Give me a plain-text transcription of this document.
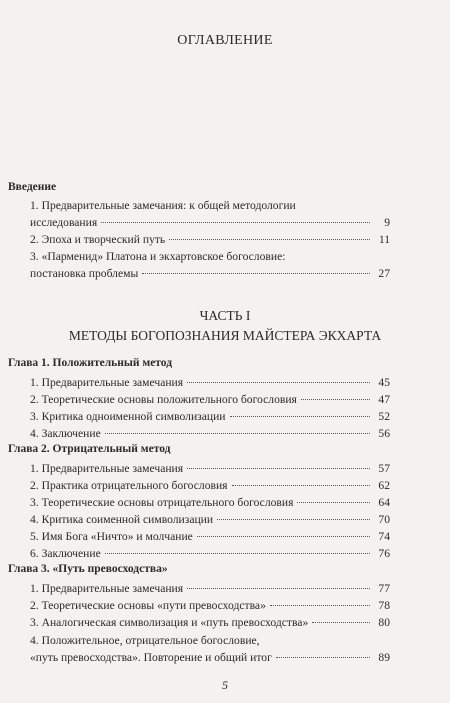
ОГЛАВЛЕНИЕ
Введение
1. Предварительные замечания: к общей методологии
исследования	9
2. Эпоха и творческий путь	11
3. «Парменид» Платона и экхартовское богословие:
постановка проблемы	27
ЧАСТЬ I
МЕТОДЫ БОГОПОЗНАНИЯ МАЙСТЕРА ЭКХАРТА
Глава 1. Положительный метод
1. Предварительные замечания	45
2. Теоретические основы положительного богословия	47
3. Критика одноименной символизации	52
4. Заключение	56
Глава 2. Отрицательный метод
1. Предварительные замечания	57
2. Практика отрицательного богословия	62
3. Теоретические основы отрицательного богословия	64
4. Критика соименной символизации	70
5. Имя Бога «Ничто» и молчание	74
6. Заключение	76
Глава 3. «Путь превосходства»
1. Предварительные замечания	77
2. Теоретические основы «пути превосходства»	78
3. Аналогическая символизация и «путь превосходства»	80
4. Положительное, отрицательное богословие,
«путь превосходства». Повторение и общий итог	89
5
